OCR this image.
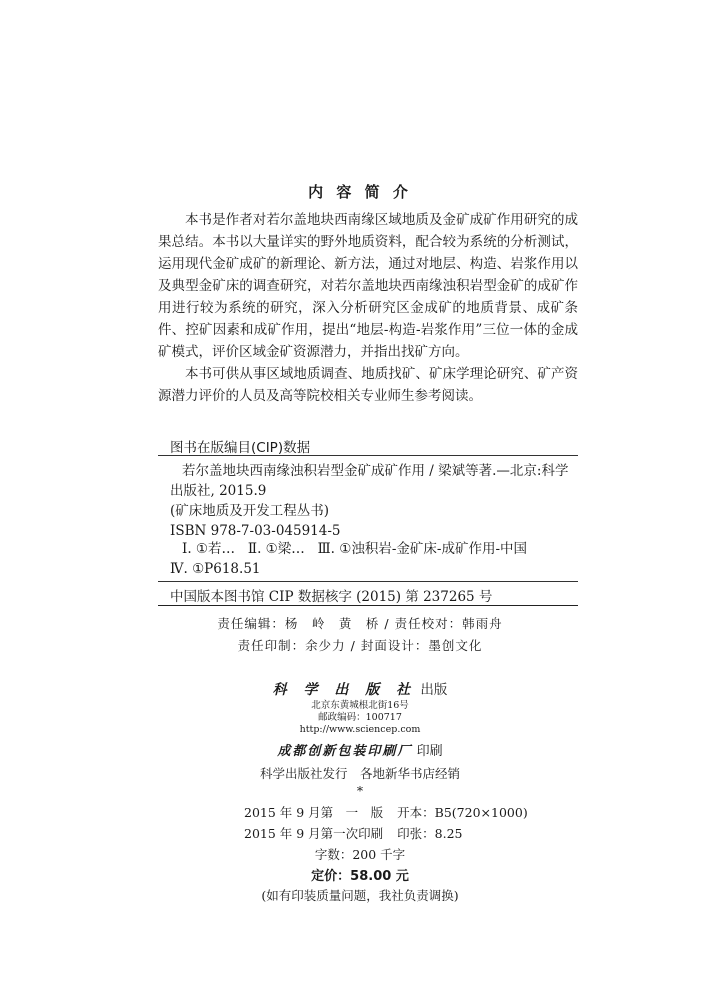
内 容 简 介

本书是作者对若尔盖地块西南缘区域地质及金矿成矿作用研究的成果总结。本书以大量详实的野外地质资料，配合较为系统的分析测试，运用现代金矿成矿的新理论、新方法，通过对地层、构造、岩浆作用以及典型金矿床的调查研究，对若尔盖地块西南缘浊积岩型金矿的成矿作用进行较为系统的研究，深入分析研究区金成矿的地质背景、成矿条件、控矿因素和成矿作用，提出“地层-构造-岩浆作用”三位一体的金成矿模式，评价区域金矿资源潜力，并指出找矿方向。

本书可供从事区域地质调查、地质找矿、矿床学理论研究、矿产资源潜力评价的人员及高等院校相关专业师生参考阅读。

图书在版编目(CIP)数据
若尔盖地块西南缘浊积岩型金矿成矿作用 / 梁斌等著.—北京:科学
出版社, 2015.9
(矿床地质及开发工程丛书)
ISBN 978-7-03-045914-5
Ⅰ. ①若…   Ⅱ. ①梁…   Ⅲ. ①浊积岩-金矿床-成矿作用-中国
Ⅳ. ①P618.51
中国版本图书馆 CIP 数据核字 (2015) 第 237265 号
责任编辑：杨　岭　黄　桥 / 责任校对：韩雨舟
责任印制：余少力 / 封面设计：墨创文化
科 学 出 版 社 出版
北京东黄城根北街16号
邮政编码：100717
http://www.sciencep.com
成都创新包装印刷厂 印刷
科学出版社发行　各地新华书店经销
*
2015 年 9 月第　一　版 开本：B5(720×1000)
2015 年 9 月第一次印刷 印张：8.25
字数：200 千字
定价：58.00 元
(如有印装质量问题，我社负责调换)
